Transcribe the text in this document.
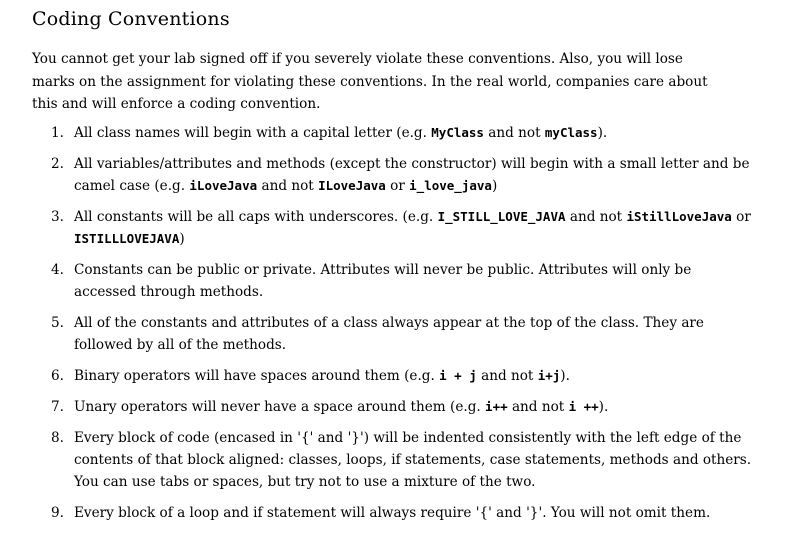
Coding Conventions

You cannot get your lab signed off if you severely violate these conventions. Also, you will lose marks on the assignment for violating these conventions. In the real world, companies care about this and will enforce a coding convention.

1. All class names will begin with a capital letter (e.g. MyClass and not myClass).
2. All variables/attributes and methods (except the constructor) will begin with a small letter and be camel case (e.g. iLoveJava and not ILoveJava or i_love_java)
3. All constants will be all caps with underscores. (e.g. I_STILL_LOVE_JAVA and not iStillLoveJava or ISTILLLOVEJAVA)
4. Constants can be public or private. Attributes will never be public. Attributes will only be accessed through methods.
5. All of the constants and attributes of a class always appear at the top of the class. They are followed by all of the methods.
6. Binary operators will have spaces around them (e.g. i + j and not i+j).
7. Unary operators will never have a space around them (e.g. i++ and not i ++).
8. Every block of code (encased in '{' and '}') will be indented consistently with the left edge of the contents of that block aligned: classes, loops, if statements, case statements, methods and others. You can use tabs or spaces, but try not to use a mixture of the two.
9. Every block of a loop and if statement will always require '{' and '}'. You will not omit them.
